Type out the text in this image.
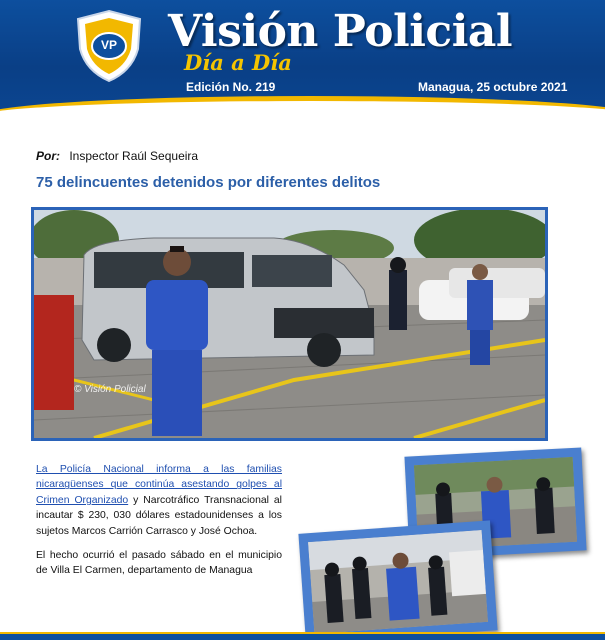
VP Visión Policial
Día a Día
Edición No. 219	Managua, 25 octubre 2021
Por: Inspector Raúl Sequeira
75 delincuentes detenidos por diferentes delitos
© Visión Policial

La Policía Nacional informa a las familias nicaragüenses que continúa asestando golpes al Crimen Organizado y Narcotráfico Transnacional al incautar $ 230, 030 dólares estadounidenses a los sujetos Marcos Carrión Carrasco y José Ochoa.

El hecho ocurrió el pasado sábado en el municipio de Villa El Carmen, departamento de Managua
